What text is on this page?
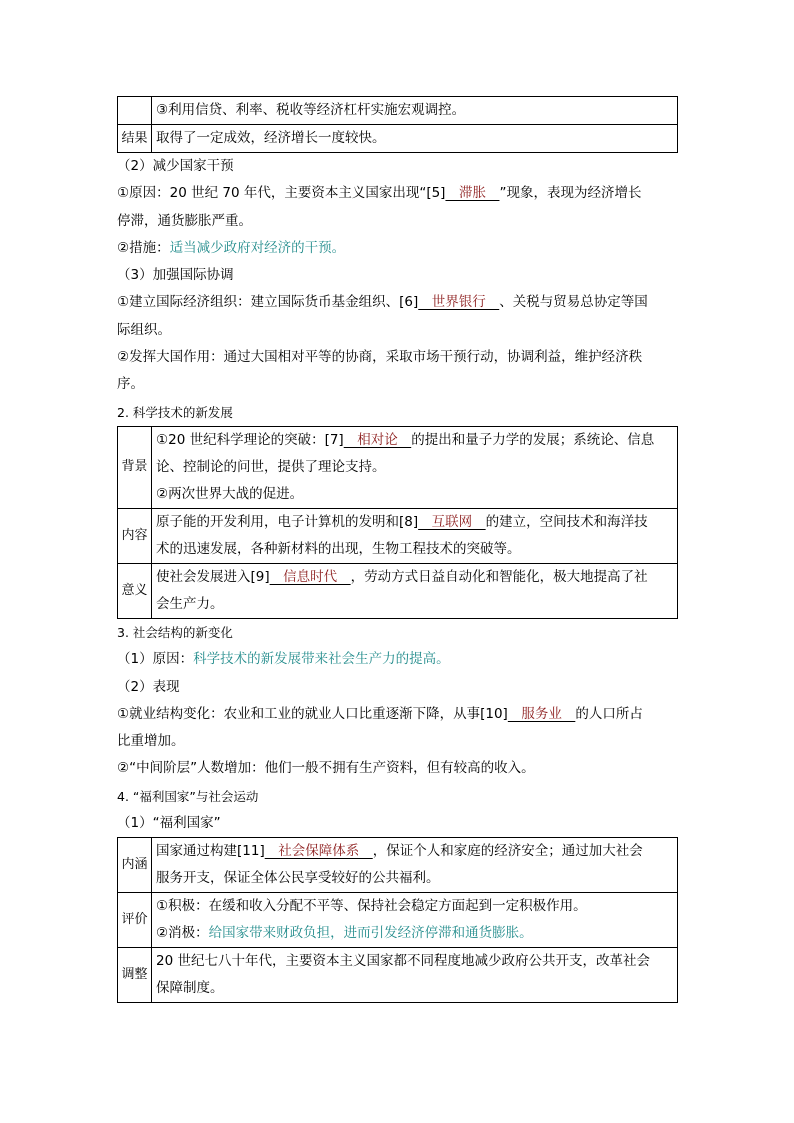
	③利用信贷、利率、税收等经济杠杆实施宏观调控。
结果	取得了一定成效，经济增长一度较快。

（2）减少国家干预

①原因：20 世纪 70 年代，主要资本主义国家出现“[5]　滞胀　”现象，表现为经济增长
停滞，通货膨胀严重。

②措施：适当减少政府对经济的干预。

（3）加强国际协调

①建立国际经济组织：建立国际货币基金组织、[6]　世界银行　、关税与贸易总协定等国
际组织。

②发挥大国作用：通过大国相对平等的协商，采取市场干预行动，协调利益，维护经济秩
序。

2. 科学技术的新发展

背景	①20 世纪科学理论的突破：[7]　相对论　的提出和量子力学的发展；系统论、信息
论、控制论的问世，提供了理论支持。
②两次世界大战的促进。

内容	原子能的开发利用，电子计算机的发明和[8]　互联网　的建立，空间技术和海洋技
术的迅速发展，各种新材料的出现，生物工程技术的突破等。

意义	使社会发展进入[9]　信息时代　，劳动方式日益自动化和智能化，极大地提高了社
会生产力。

3. 社会结构的新变化

（1）原因：科学技术的新发展带来社会生产力的提高。

（2）表现

①就业结构变化：农业和工业的就业人口比重逐渐下降，从事[10]　服务业　的人口所占
比重增加。

②“中间阶层”人数增加：他们一般不拥有生产资料，但有较高的收入。

4. “福利国家”与社会运动

（1）“福利国家”

内涵	国家通过构建[11]　社会保障体系　，保证个人和家庭的经济安全；通过加大社会
服务开支，保证全体公民享受较好的公共福利。

评价	①积极：在缓和收入分配不平等、保持社会稳定方面起到一定积极作用。
②消极：给国家带来财政负担，进而引发经济停滞和通货膨胀。

调整	20 世纪七八十年代，主要资本主义国家都不同程度地减少政府公共开支，改革社会
保障制度。
